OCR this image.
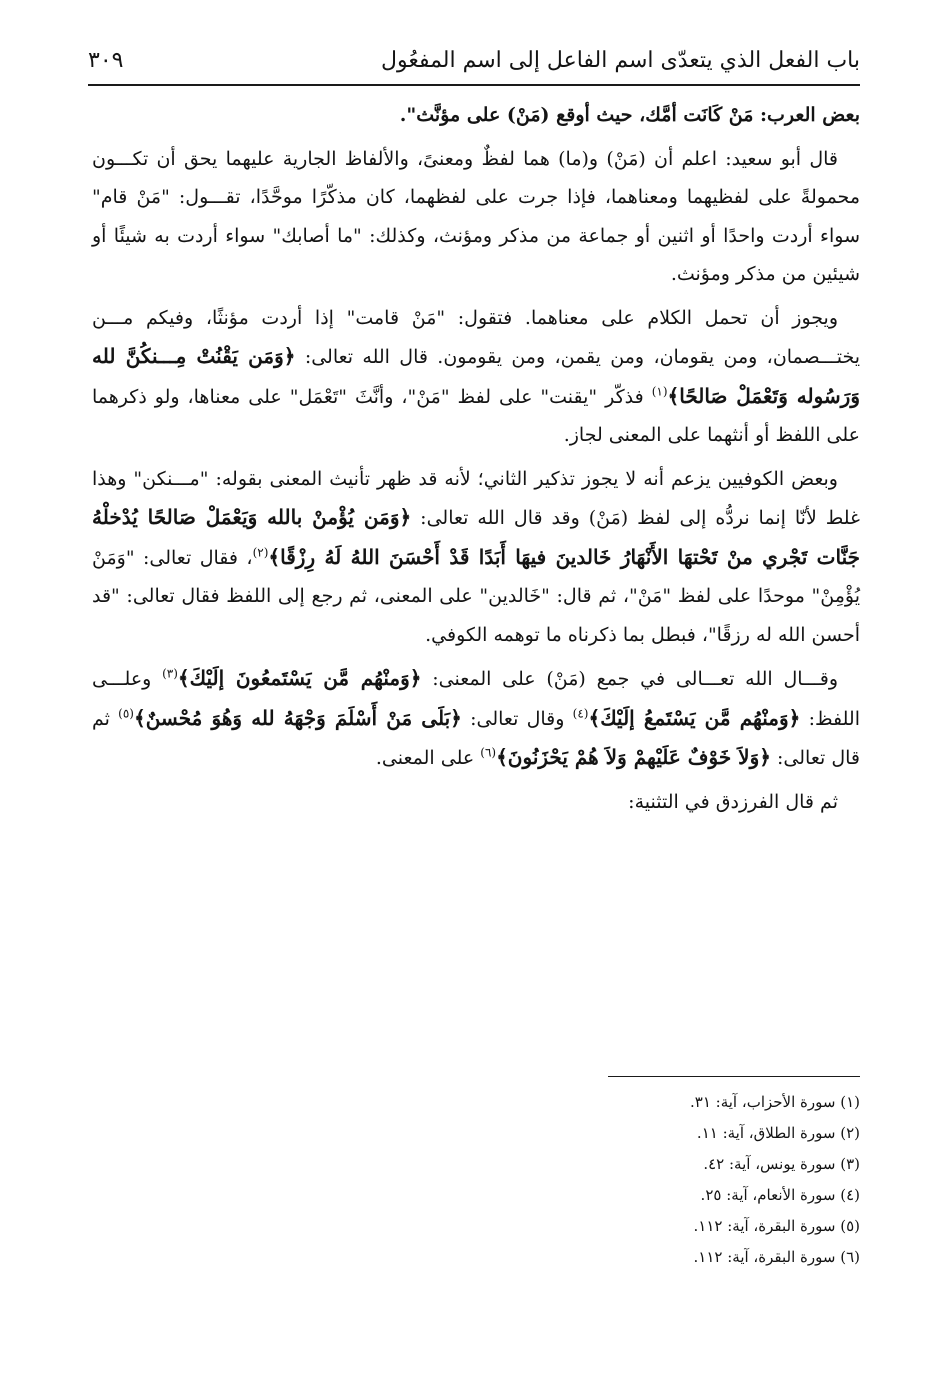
باب الفعل الذي يتعدّى اسم الفاعل إلى اسم المفعُول
٣٠٩

بعض العرب: مَنْ كَانَت أمَّك، حيث أوقع (مَنْ) على مؤنَّث".

قال أبو سعيد: اعلم أن (مَنْ) و(ما) هما لفظٌ ومعنىً، والألفاظ الجارية عليهما يحق أن تكـــون محمولةً على لفظيهما ومعناهما، فإذا جرت على لفظهما، كان مذكّرًا موحَّدًا، تقـــول: "مَنْ قام" سواء أردت واحدًا أو اثنين أو جماعة من مذكر ومؤنث، وكذلك: "ما أصابك" سواء أردت به شيئًا أو شيئين من مذكر ومؤنث.

ويجوز أن تحمل الكلام على معناهما. فتقول: "مَنْ قامت" إذا أردت مؤنثًا، وفيكم مـــن يختـــصمان، ومن يقومان، ومن يقمن، ومن يقومون. قال الله تعالى: ﴿وَمَن يَقْنُتْ مِـــنكُنَّ لله وَرَسُوله وَتَعْمَلْ صَالحًا﴾$^{(١)}$ فذكّر "يقنت" على لفظ "مَنْ"، وأنَّثَ "تَعْمَل" على معناها، ولو ذكرهما على اللفظ أو أنثهما على المعنى لجاز.

وبعض الكوفيين يزعم أنه لا يجوز تذكير الثاني؛ لأنه قد ظهر تأنيث المعنى بقوله: "مـــنكن" وهذا غلط لأنّا إنما نردُّه إلى لفظ (مَنْ) وقد قال الله تعالى: ﴿وَمَن يُؤْمنْ بالله وَيَعْمَلْ صَالحًا يُدْخلْهُ جَنَّات تَجْري منْ تَحْتهَا الأَنْهَارُ خَالدينَ فيهَا أَبَدًا قَدْ أَحْسَنَ اللهُ لَهُ رِزْقًا﴾$^{(٢)}$، فقال تعالى: "وَمَنْ يُؤْمِنْ" موحدًا على لفظ "مَنْ"، ثم قال: "خَالدين" على المعنى، ثم رجع إلى اللفظ فقال تعالى: "قد أحسن الله له رزقًا"، فبطل بما ذكرناه ما توهمه الكوفي.

وقـــال الله تعـــالى في جمع (مَنْ) على المعنى: ﴿وَمنْهُم مَّن يَسْتَمعُونَ إلَيْكَ﴾$^{(٣)}$ وعلـــى اللفظ: ﴿وَمنْهُم مَّن يَسْتَمعُ إلَيْكَ﴾$^{(٤)}$ وقال تعالى: ﴿بَلَى مَنْ أَسْلَمَ وَجْهَهُ لله وَهُوَ مُحْسنٌ﴾$^{(٥)}$ ثم قال تعالى: ﴿وَلاَ خَوْفٌ عَلَيْهمْ وَلاَ هُمْ يَحْزَنُونَ﴾$^{(٦)}$ على المعنى.

ثم قال الفرزدق في التثنية:

(١) سورة الأحزاب، آية: ٣١.
(٢) سورة الطلاق، آية: ١١.
(٣) سورة يونس، آية: ٤٢.
(٤) سورة الأنعام، آية: ٢٥.
(٥) سورة البقرة، آية: ١١٢.
(٦) سورة البقرة، آية: ١١٢.
